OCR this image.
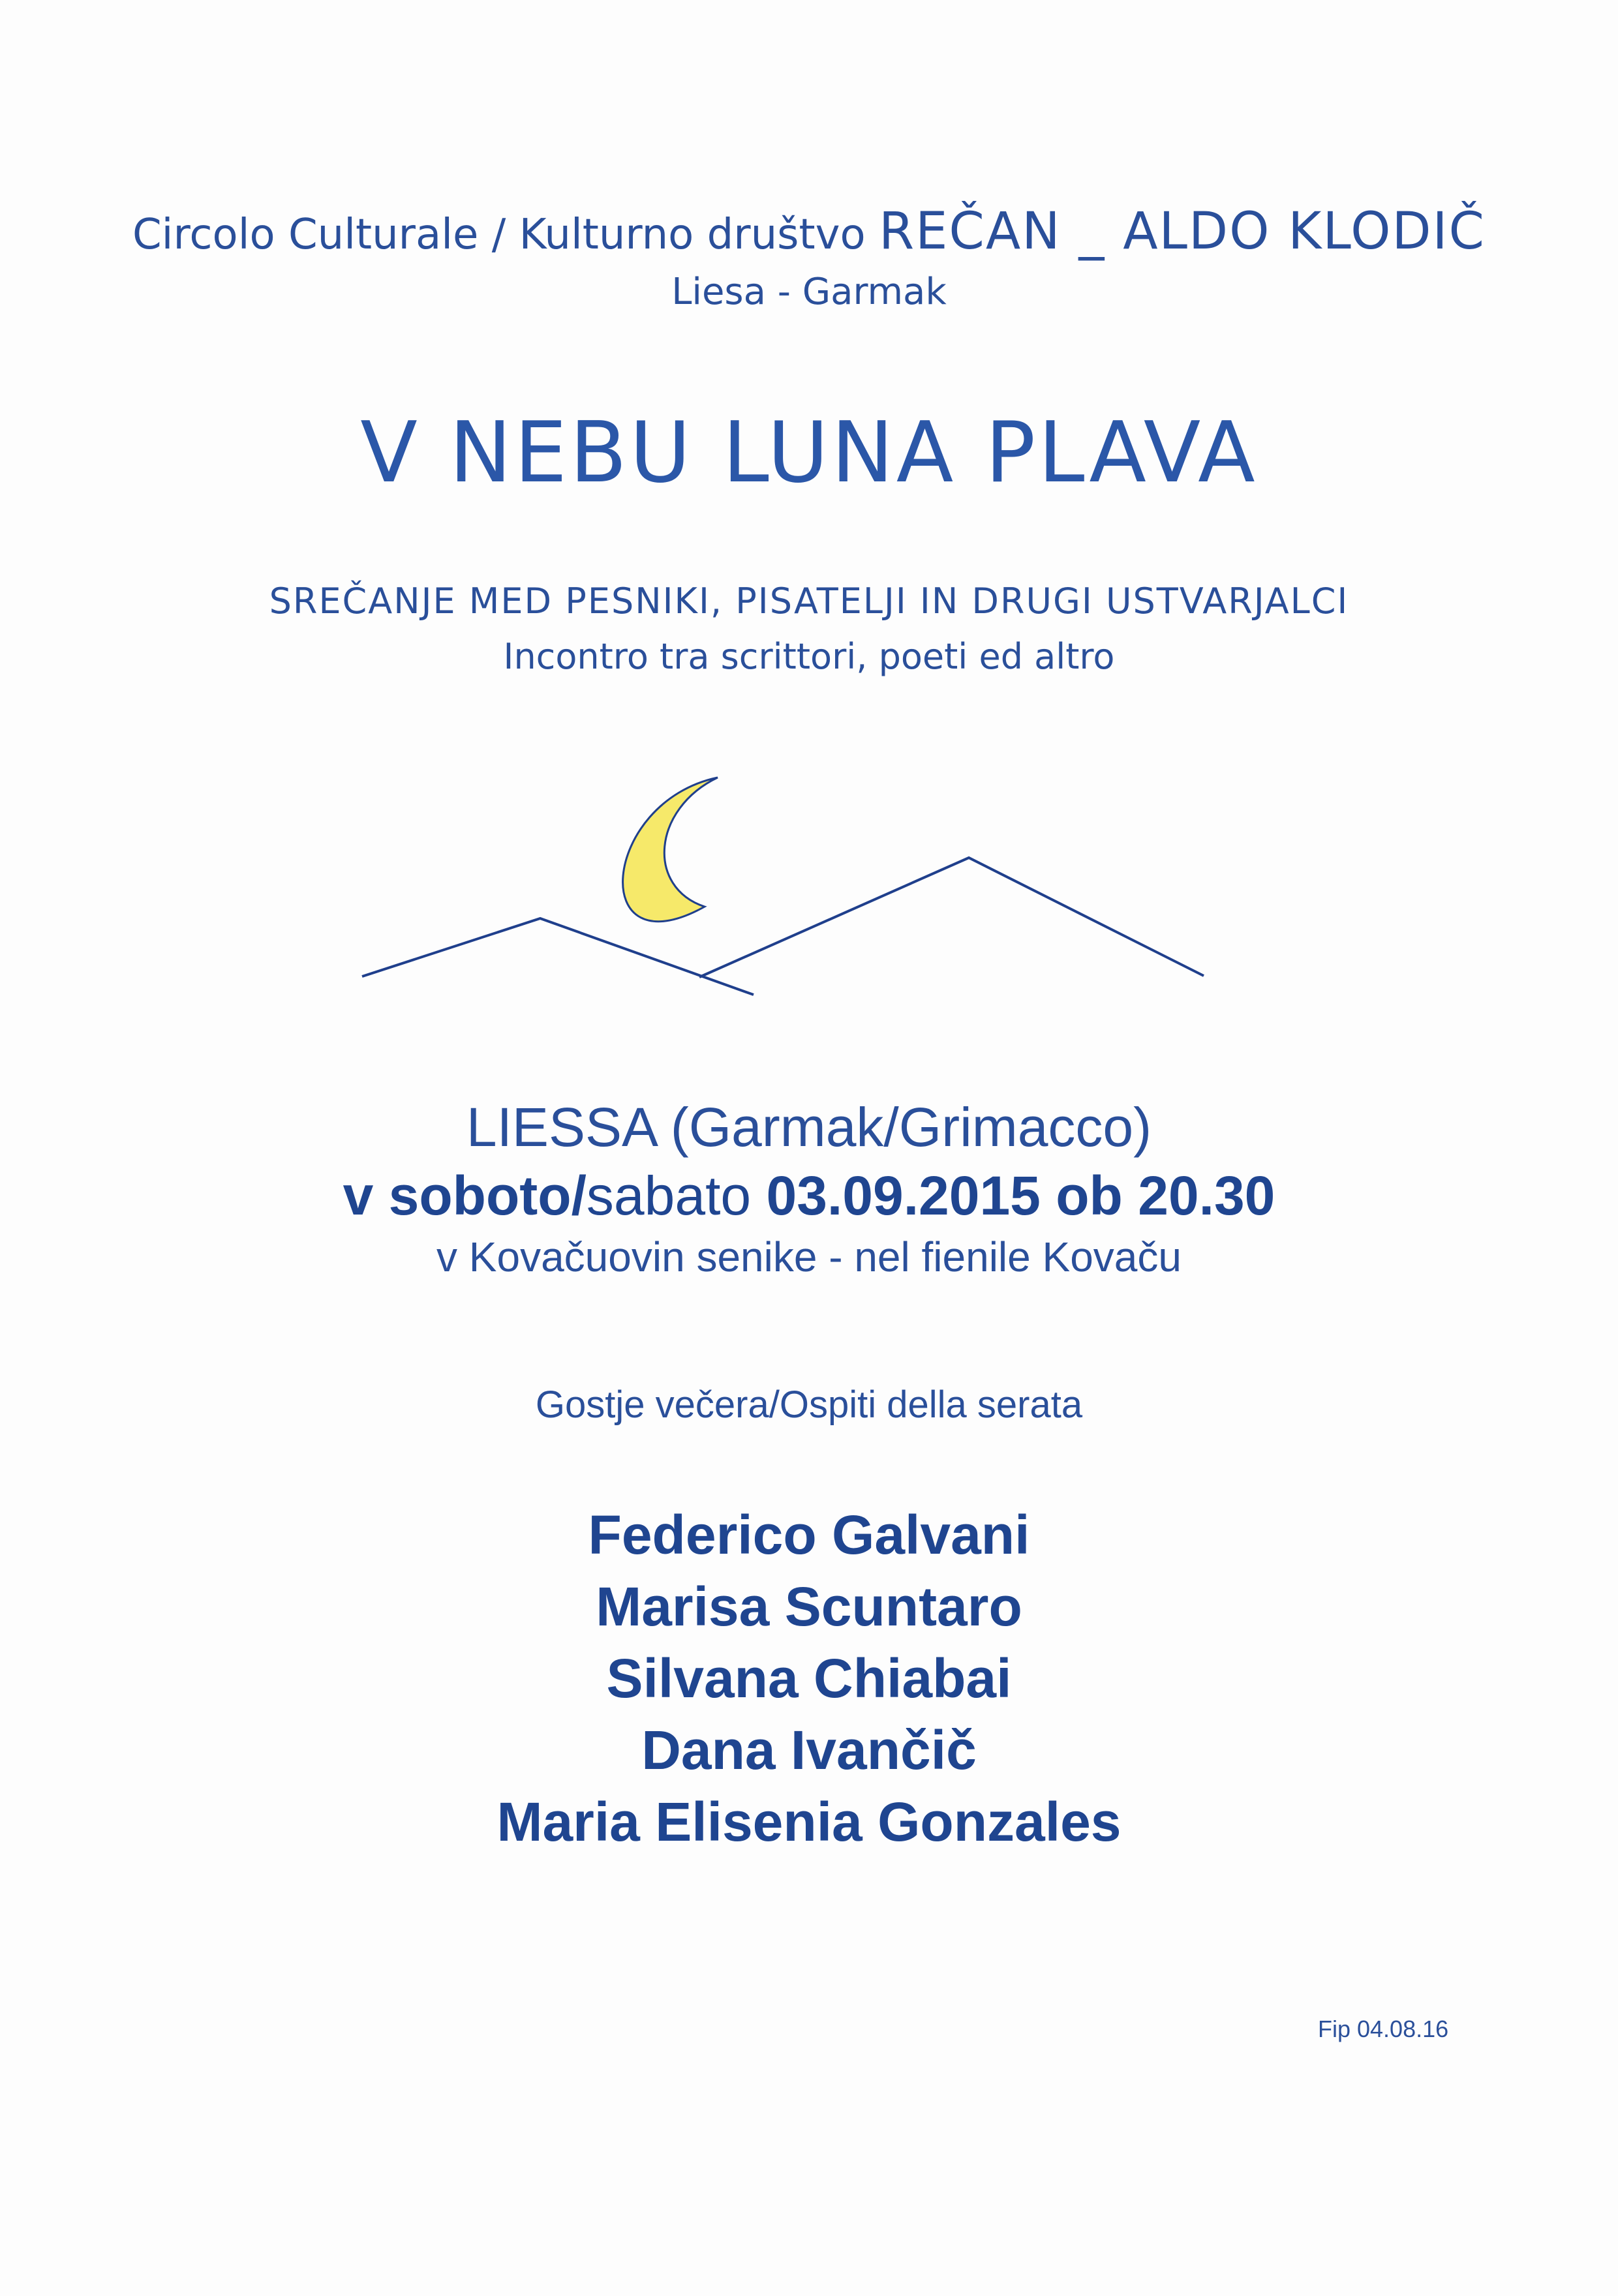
Circolo Culturale / Kulturno društvo REČAN _ ALDO KLODIČ

Liesa - Garmak

V NEBU LUNA PLAVA

SREČANJE MED PESNIKI, PISATELJI IN DRUGI USTVARJALCI

Incontro tra scrittori, poeti ed altro

LIESSA (Garmak/Grimacco)

v soboto/sabato 03.09.2015 ob 20.30

v Kovačuovin senike - nel fienile Kovaču

Gostje večera/Ospiti della serata

Federico Galvani

Marisa Scuntaro

Silvana Chiabai

Dana Ivančič

Maria Elisenia Gonzales

Fip 04.08.16
